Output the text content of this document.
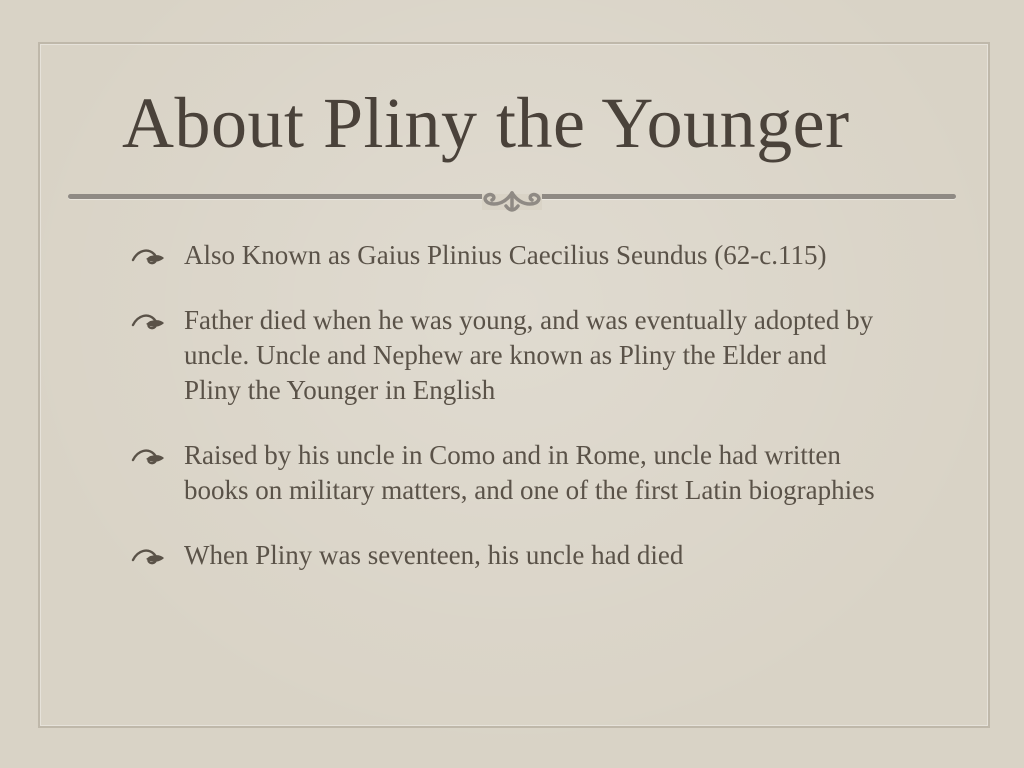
About Pliny the Younger
Also Known as Gaius Plinius Caecilius Seundus (62-c.115)
Father died when he was young, and was eventually adopted by uncle. Uncle and Nephew are known as Pliny the Elder and Pliny the Younger in English
Raised by his uncle in Como and in Rome, uncle had written books on military matters, and one of the first Latin biographies
When Pliny was seventeen, his uncle had died
